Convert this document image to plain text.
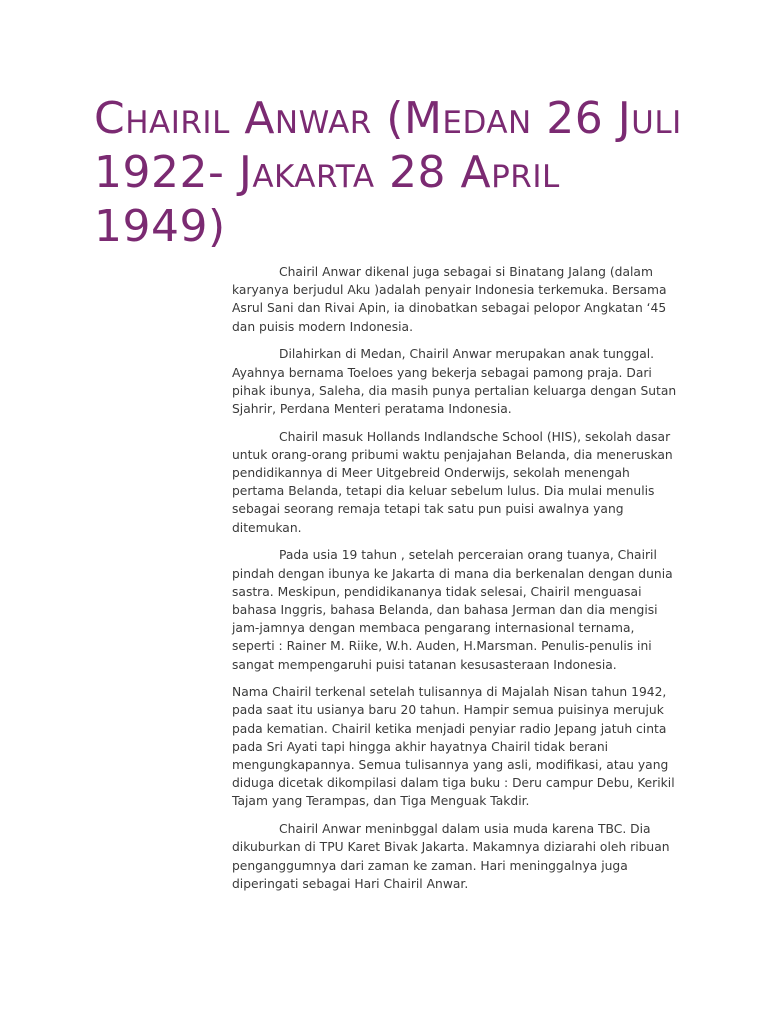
Chairil Anwar (Medan 26 Juli 1922- Jakarta 28 April 1949)

Chairil Anwar dikenal juga sebagai si Binatang Jalang (dalam karyanya berjudul Aku )adalah penyair Indonesia terkemuka. Bersama Asrul Sani dan Rivai Apin, ia dinobatkan sebagai pelopor Angkatan ‘45 dan puisis modern Indonesia.

Dilahirkan di Medan, Chairil Anwar merupakan anak tunggal. Ayahnya bernama Toeloes yang bekerja sebagai pamong praja. Dari pihak ibunya, Saleha, dia masih punya pertalian keluarga dengan Sutan Sjahrir, Perdana Menteri peratama Indonesia.

Chairil masuk Hollands Indlandsche School (HIS), sekolah dasar untuk orang-orang pribumi waktu penjajahan Belanda, dia meneruskan pendidikannya di Meer Uitgebreid Onderwijs, sekolah menengah pertama Belanda, tetapi dia keluar sebelum lulus. Dia mulai menulis sebagai seorang remaja tetapi tak satu pun puisi awalnya yang ditemukan.

Pada usia 19 tahun , setelah perceraian orang tuanya, Chairil pindah dengan ibunya ke Jakarta di mana dia berkenalan dengan dunia sastra. Meskipun, pendidikananya tidak selesai, Chairil menguasai bahasa Inggris, bahasa Belanda, dan bahasa Jerman dan dia mengisi jam-jamnya dengan membaca pengarang internasional ternama, seperti : Rainer M. Riike, W.h. Auden, H.Marsman. Penulis-penulis ini sangat mempengaruhi puisi tatanan kesusasteraan Indonesia.

Nama Chairil terkenal setelah tulisannya di Majalah Nisan tahun 1942, pada saat itu usianya baru 20 tahun. Hampir semua puisinya merujuk pada kematian. Chairil ketika menjadi penyiar radio Jepang jatuh cinta pada Sri Ayati tapi hingga akhir hayatnya Chairil tidak berani mengungkapannya. Semua tulisannya yang asli, modifikasi, atau yang diduga dicetak dikompilasi dalam tiga buku : Deru campur Debu, Kerikil Tajam yang Terampas, dan Tiga Menguak Takdir.

Chairil Anwar meninbggal dalam usia muda karena TBC. Dia dikuburkan di TPU Karet Bivak Jakarta. Makamnya diziarahi oleh ribuan penganggumnya dari zaman ke zaman. Hari meninggalnya juga diperingati sebagai Hari Chairil Anwar.
